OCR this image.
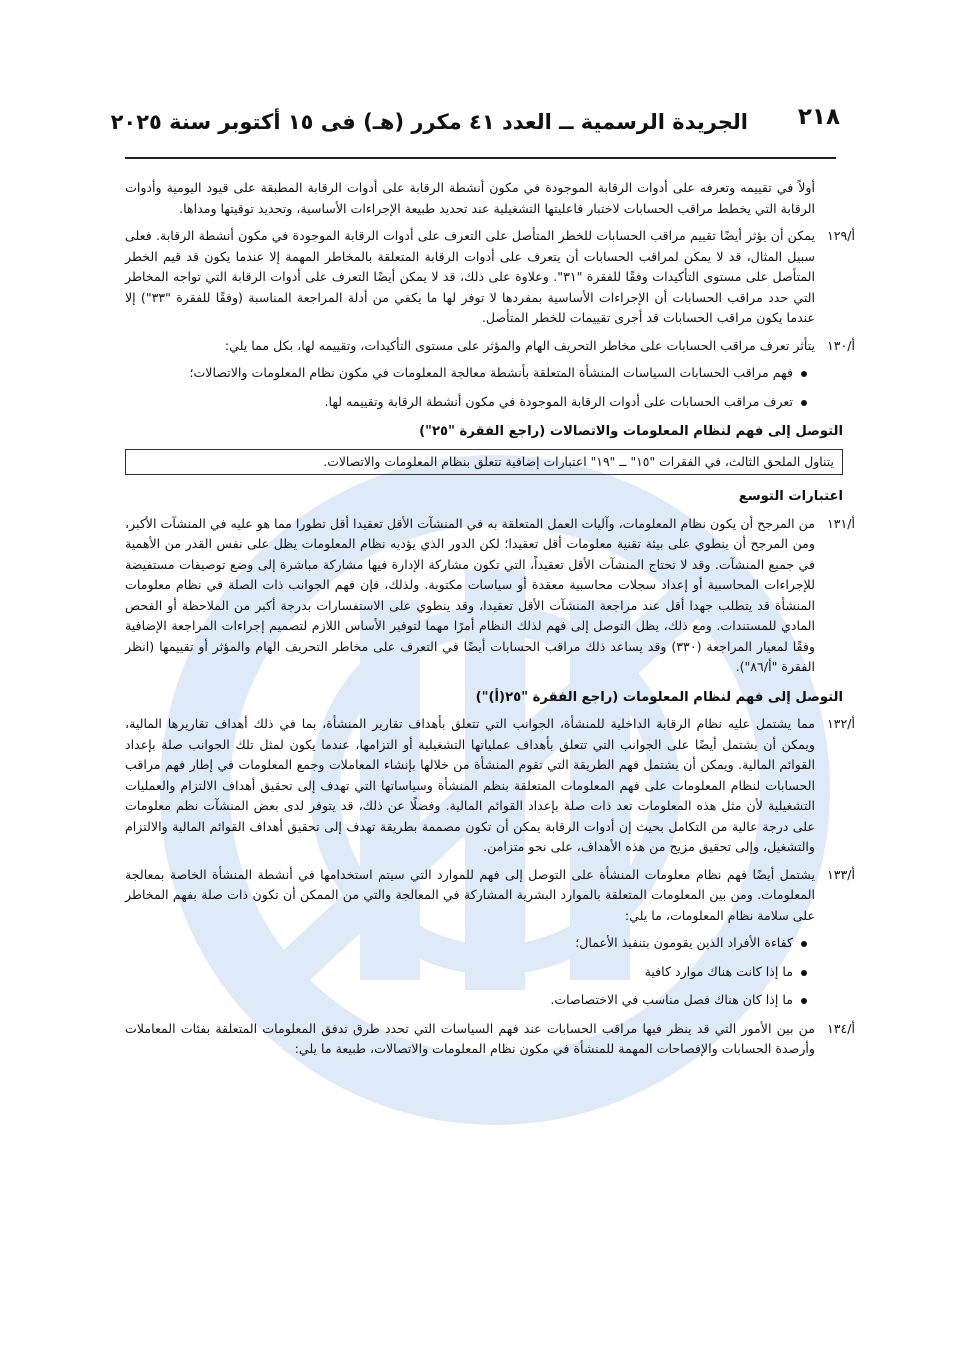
٢١٨
الجريدة الرسمية ــ العدد ٤١ مكرر (هـ) فى ١٥ أكتوبر سنة ٢٠٢٥

أولاً في تقييمه وتعرفه على أدوات الرقابة الموجودة في مكون أنشطة الرقابة على أدوات الرقابة المطبقة على قيود اليومية وأدوات الرقابة التي يخطط مراقب الحسابات لاختبار فاعليتها التشغيلية عند تحديد طبيعة الإجراءات الأساسية، وتحديد توقيتها ومداها.

أ/١٢٩
يمكن أن يؤثر أيضًا تقييم مراقب الحسابات للخطر المتأصل على التعرف على أدوات الرقابة الموجودة في مكون أنشطة الرقابة. فعلى سبيل المثال، قد لا يمكن لمراقب الحسابات أن يتعرف على أدوات الرقابة المتعلقة بالمخاطر المهمة إلا عندما يكون قد قيم الخطر المتأصل على مستوى التأكيدات وفقًا للفقرة "٣١". وعلاوة على ذلك، قد لا يمكن أيضًا التعرف على أدوات الرقابة التي تواجه المخاطر التي حدد مراقب الحسابات أن الإجراءات الأساسية بمفردها لا توفر لها ما يكفي من أدلة المراجعة المناسبة (وفقًا للفقرة "٣٣") إلا عندما يكون مراقب الحسابات قد أجرى تقييمات للخطر المتأصل.

أ/١٣٠
يتأثر تعرف مراقب الحسابات على مخاطر التحريف الهام والمؤثر على مستوى التأكيدات، وتقييمه لها، بكل مما يلي:
فهم مراقب الحسابات السياسات المنشأة المتعلقة بأنشطة معالجة المعلومات في مكون نظام المعلومات والاتصالات؛
تعرف مراقب الحسابات على أدوات الرقابة الموجودة في مكون أنشطة الرقابة وتقييمه لها.
التوصل إلى فهم لنظام المعلومات والاتصالات (راجع الفقرة "٢٥")
يتناول الملحق الثالث، في الفقرات "١٥" ــ "١٩" اعتبارات إضافية تتعلق بنظام المعلومات والاتصالات.
اعتبارات التوسع

أ/١٣١
من المرجح أن يكون نظام المعلومات، وآليات العمل المتعلقة به في المنشآت الأقل تعقيدا أقل تطورا مما هو عليه في المنشآت الأكبر، ومن المرجح أن ينطوي على بيئة تقنية معلومات أقل تعقيدا؛ لكن الدور الذي يؤديه نظام المعلومات يظل على نفس القدر من الأهمية في جميع المنشآت. وقد لا تحتاج المنشآت الأقل تعقيداً، التي تكون مشاركة الإدارة فيها مشاركة مباشرة إلى وضع توصيفات مستفيضة للإجراءات المحاسبية أو إعداد سجلات محاسبية معقدة أو سياسات مكتوبة. ولذلك، فإن فهم الجوانب ذات الصلة في نظام معلومات المنشأة قد يتطلب جهدا أقل عند مراجعة المنشآت الأقل تعقيدا، وقد ينطوي على الاستفسارات بدرجة أكبر من الملاحظة أو الفحص المادي للمستندات. ومع ذلك، يظل التوصل إلى فهم لذلك النظام أمرًا مهما لتوفير الأساس اللازم لتصميم إجراءات المراجعة الإضافية وفقًا لمعيار المراجعة (٣٣٠) وقد يساعد ذلك مراقب الحسابات أيضًا في التعرف على مخاطر التحريف الهام والمؤثر أو تقييمها (انظر الفقرة "أ/٨٦").

التوصل إلى فهم لنظام المعلومات (راجع الفقرة "٢٥(أ)")

أ/١٣٢
مما يشتمل عليه نظام الرقابة الداخلية للمنشأة، الجوانب التي تتعلق بأهداف تقارير المنشأة، بما في ذلك أهداف تقاريرها المالية، ويمكن أن يشتمل أيضًا على الجوانب التي تتعلق بأهداف عملياتها التشغيلية أو التزامها، عندما يكون لمثل تلك الجوانب صلة بإعداد القوائم المالية. ويمكن أن يشتمل فهم الطريقة التي تقوم المنشأة من خلالها بإنشاء المعاملات وجمع المعلومات في إطار فهم مراقب الحسابات لنظام المعلومات على فهم المعلومات المتعلقة بنظم المنشأة وسياساتها التي تهدف إلى تحقيق أهداف الالتزام والعمليات التشغيلية لأن مثل هذه المعلومات تعد ذات صلة بإعداد القوائم المالية. وفضلًا عن ذلك، قد يتوفر لدى بعض المنشآت نظم معلومات على درجة عالية من التكامل بحيث إن أدوات الرقابة يمكن أن تكون مصممة بطريقة تهدف إلى تحقيق أهداف القوائم المالية والالتزام والتشغيل، وإلى تحقيق مزيج من هذه الأهداف، على نحو متزامن.

أ/١٣٣
يشتمل أيضًا فهم نظام معلومات المنشأة على التوصل إلى فهم للموارد التي سيتم استخدامها في أنشطة المنشأة الخاصة بمعالجة المعلومات. ومن بين المعلومات المتعلقة بالموارد البشرية المشاركة في المعالجة والتي من الممكن أن تكون ذات صلة بفهم المخاطر على سلامة نظام المعلومات، ما يلي:
كفاءة الأفراد الذين يقومون بتنفيذ الأعمال؛
ما إذا كانت هناك موارد كافية
ما إذا كان هناك فصل مناسب في الاختصاصات.

أ/١٣٤
من بين الأمور التي قد ينظر فيها مراقب الحسابات عند فهم السياسات التي تحدد طرق تدفق المعلومات المتعلقة بفئات المعاملات وأرصدة الحسابات والإفصاحات المهمة للمنشأة في مكون نظام المعلومات والاتصالات، طبيعة ما يلي:
